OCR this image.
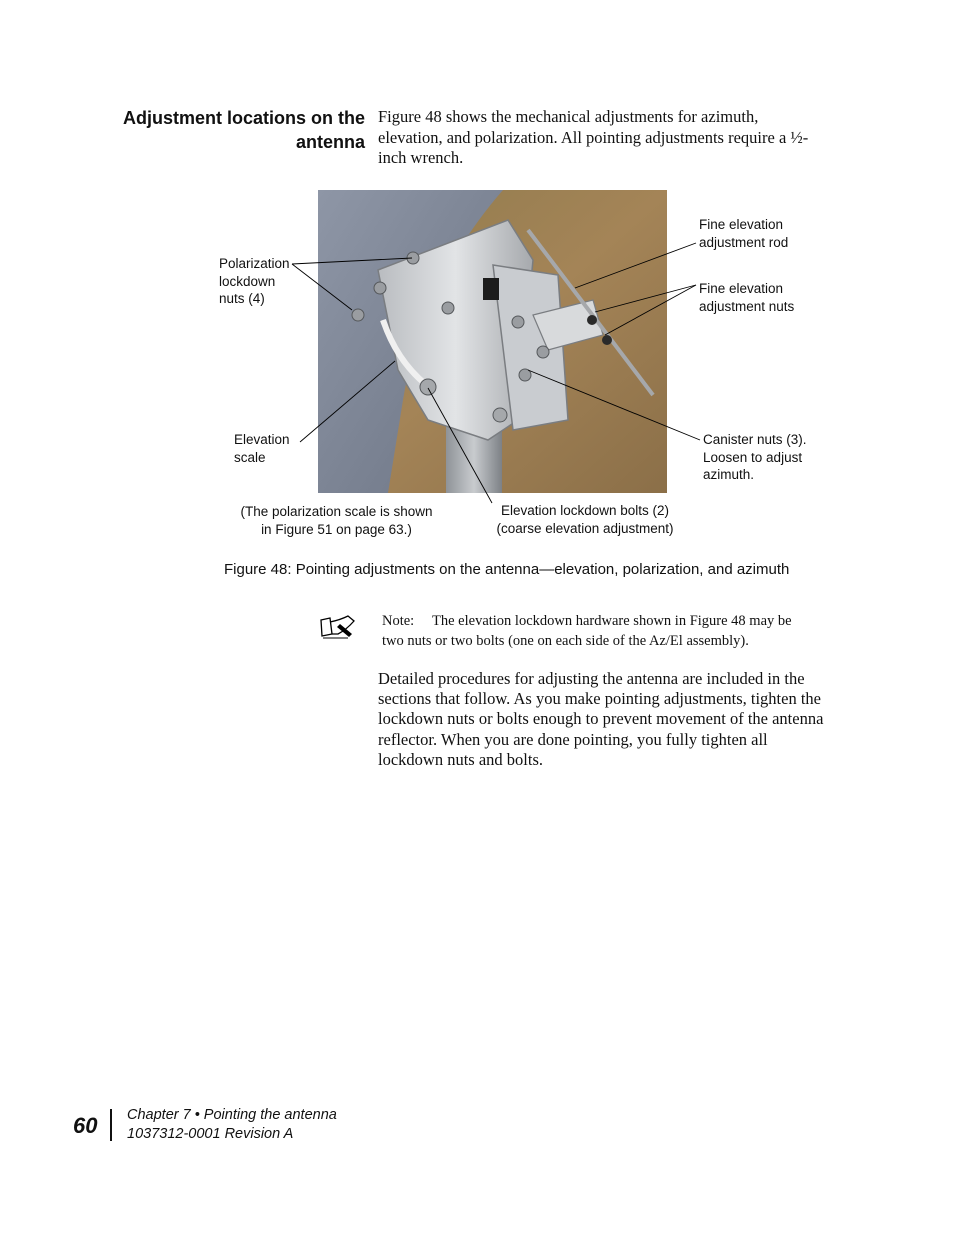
Adjustment locations on the antenna
Figure 48 shows the mechanical adjustments for azimuth, elevation, and polarization. All pointing adjustments require a ½-inch wrench.
Polarization
lockdown
nuts (4)
Elevation
scale
(The polarization scale is shown
in Figure 51 on page 63.)
Fine elevation
adjustment rod
Fine elevation
adjustment nuts
Canister nuts (3).
Loosen to adjust
azimuth.
Elevation lockdown bolts (2)
(coarse elevation adjustment)
Figure 48: Pointing adjustments on the antenna—elevation, polarization, and azimuth
Note: The elevation lockdown hardware shown in Figure 48 may be two nuts or two bolts (one on each side of the Az/El assembly).
Detailed procedures for adjusting the antenna are included in the sections that follow. As you make pointing adjustments, tighten the lockdown nuts or bolts enough to prevent movement of the antenna reflector. When you are done pointing, you fully tighten all lockdown nuts and bolts.
60 Chapter 7 • Pointing the antenna
1037312-0001 Revision A
